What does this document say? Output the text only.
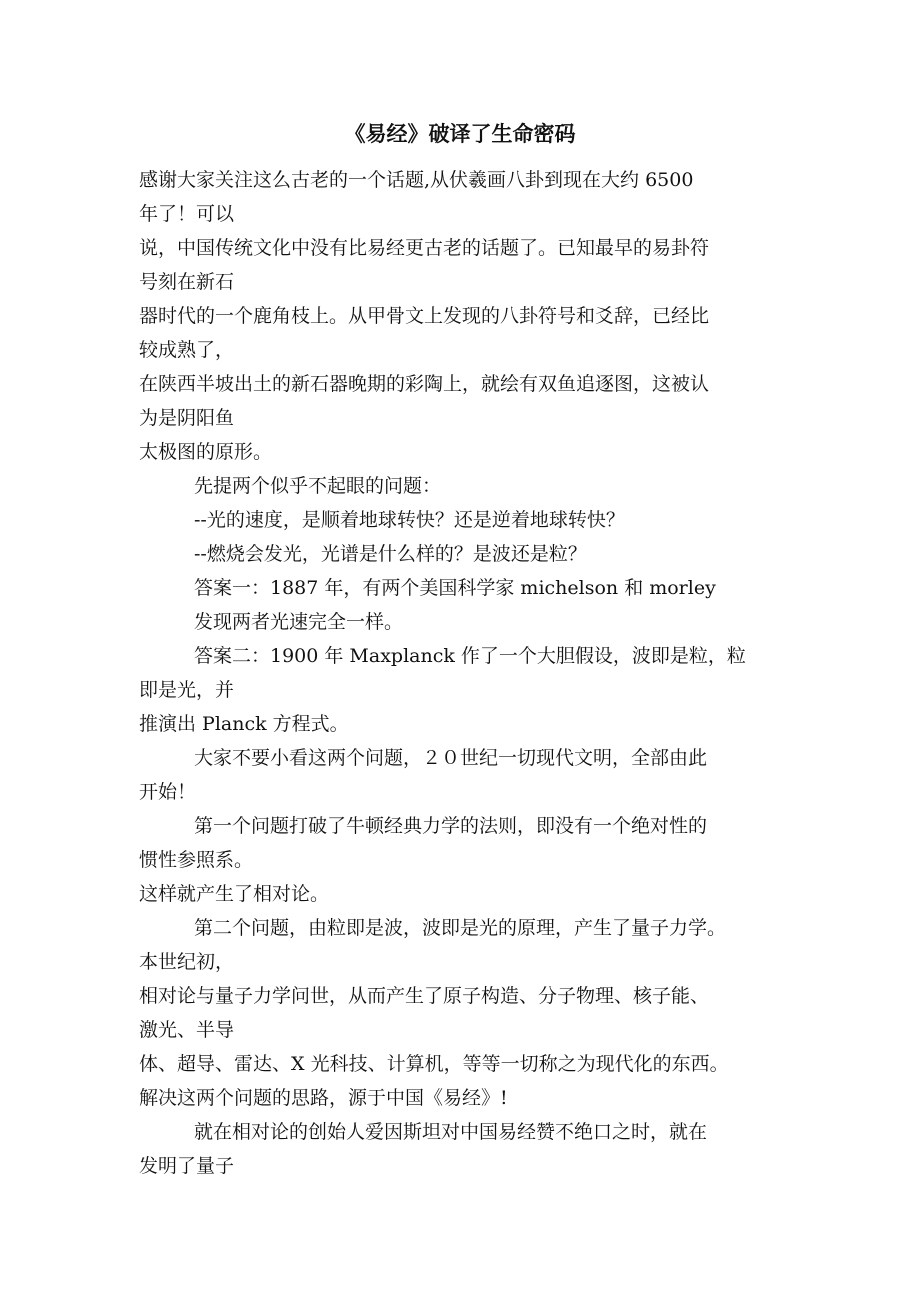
《易经》破译了生命密码
感谢大家关注这么古老的一个话题,从伏羲画八卦到现在大约 6500
年了！可以
说，中国传统文化中没有比易经更古老的话题了。已知最早的易卦符
号刻在新石
器时代的一个鹿角枝上。从甲骨文上发现的八卦符号和爻辞，已经比
较成熟了，
在陕西半坡出土的新石器晚期的彩陶上，就绘有双鱼追逐图，这被认
为是阴阳鱼
太极图的原形。
先提两个似乎不起眼的问题：
--光的速度，是顺着地球转快？还是逆着地球转快？
--燃烧会发光，光谱是什么样的？是波还是粒？
答案一：1887 年，有两个美国科学家 michelson 和 morley
发现两者光速完全一样。
答案二：1900 年 Maxplanck 作了一个大胆假设，波即是粒，粒
即是光，并
推演出 Planck 方程式。
大家不要小看这两个问题，２０世纪一切现代文明，全部由此
开始！
第一个问题打破了牛顿经典力学的法则，即没有一个绝对性的
惯性参照系。
这样就产生了相对论。
第二个问题，由粒即是波，波即是光的原理，产生了量子力学。
本世纪初，
相对论与量子力学问世，从而产生了原子构造、分子物理、核子能、
激光、半导
体、超导、雷达、X 光科技、计算机，等等一切称之为现代化的东西。
解决这两个问题的思路，源于中国《易经》!
就在相对论的创始人爱因斯坦对中国易经赞不绝口之时，就在
发明了量子
